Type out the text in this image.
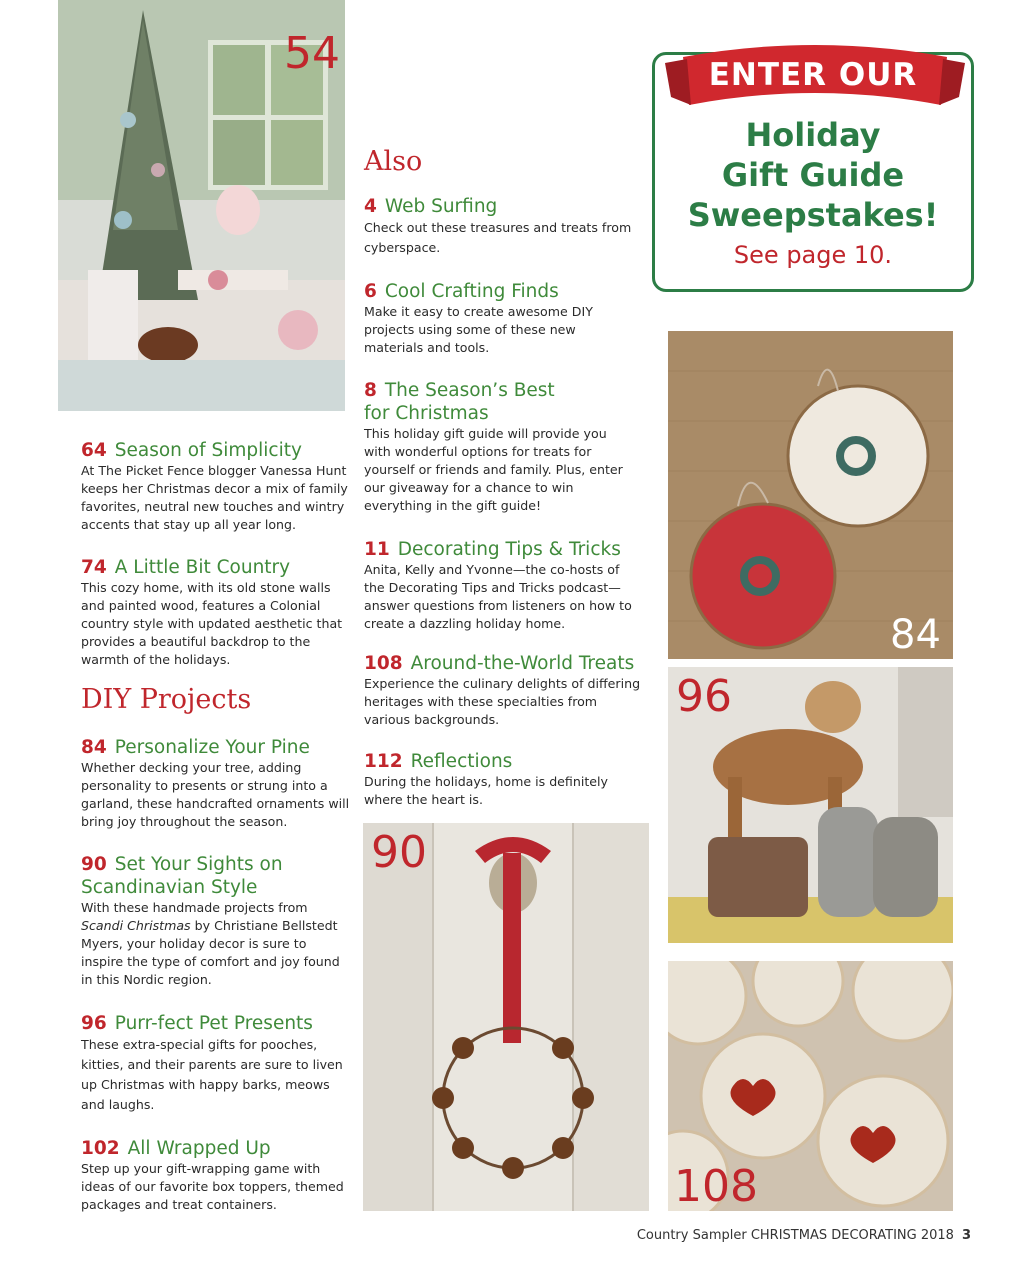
54
64 Season of Simplicity
At The Picket Fence blogger Vanessa Hunt keeps her Christmas decor a mix of family favorites, neutral new touches and wintry accents that stay up all year long.
74 A Little Bit Country
This cozy home, with its old stone walls and painted wood, features a Colonial country style with updated aesthetic that provides a beautiful backdrop to the warmth of the holidays.
DIY Projects
84 Personalize Your Pine
Whether decking your tree, adding personality to presents or strung into a garland, these handcrafted ornaments will bring joy throughout the season.
90 Set Your Sights on
Scandinavian Style
With these handmade projects from Scandi Christmas by Christiane Bellstedt Myers, your holiday decor is sure to inspire the type of comfort and joy found in this Nordic region.
96 Purr-fect Pet Presents
These extra-special gifts for pooches, kitties, and their parents are sure to liven up Christmas with happy barks, meows and laughs.
102 All Wrapped Up
Step up your gift-wrapping game with ideas of our favorite box toppers, themed packages and treat containers.
Also
4 Web Surfing
Check out these treasures and treats from cyberspace.
6 Cool Crafting Finds
Make it easy to create awesome DIY projects using some of these new materials and tools.
8 The Season’s Best
for Christmas
This holiday gift guide will provide you with wonderful options for treats for yourself or friends and family. Plus, enter our giveaway for a chance to win everything in the gift guide!
11 Decorating Tips & Tricks
Anita, Kelly and Yvonne—the co-hosts of the Decorating Tips and Tricks podcast—answer questions from listeners on how to create a dazzling holiday home.
108 Around-the-World Treats
Experience the culinary delights of differing heritages with these specialties from various backgrounds.
112 Reflections
During the holidays, home is definitely where the heart is.
90
ENTER OUR
Holiday
Gift Guide
Sweepstakes!
See page 10.
84
96
108
Country Sampler CHRISTMAS DECORATING 2018 3
